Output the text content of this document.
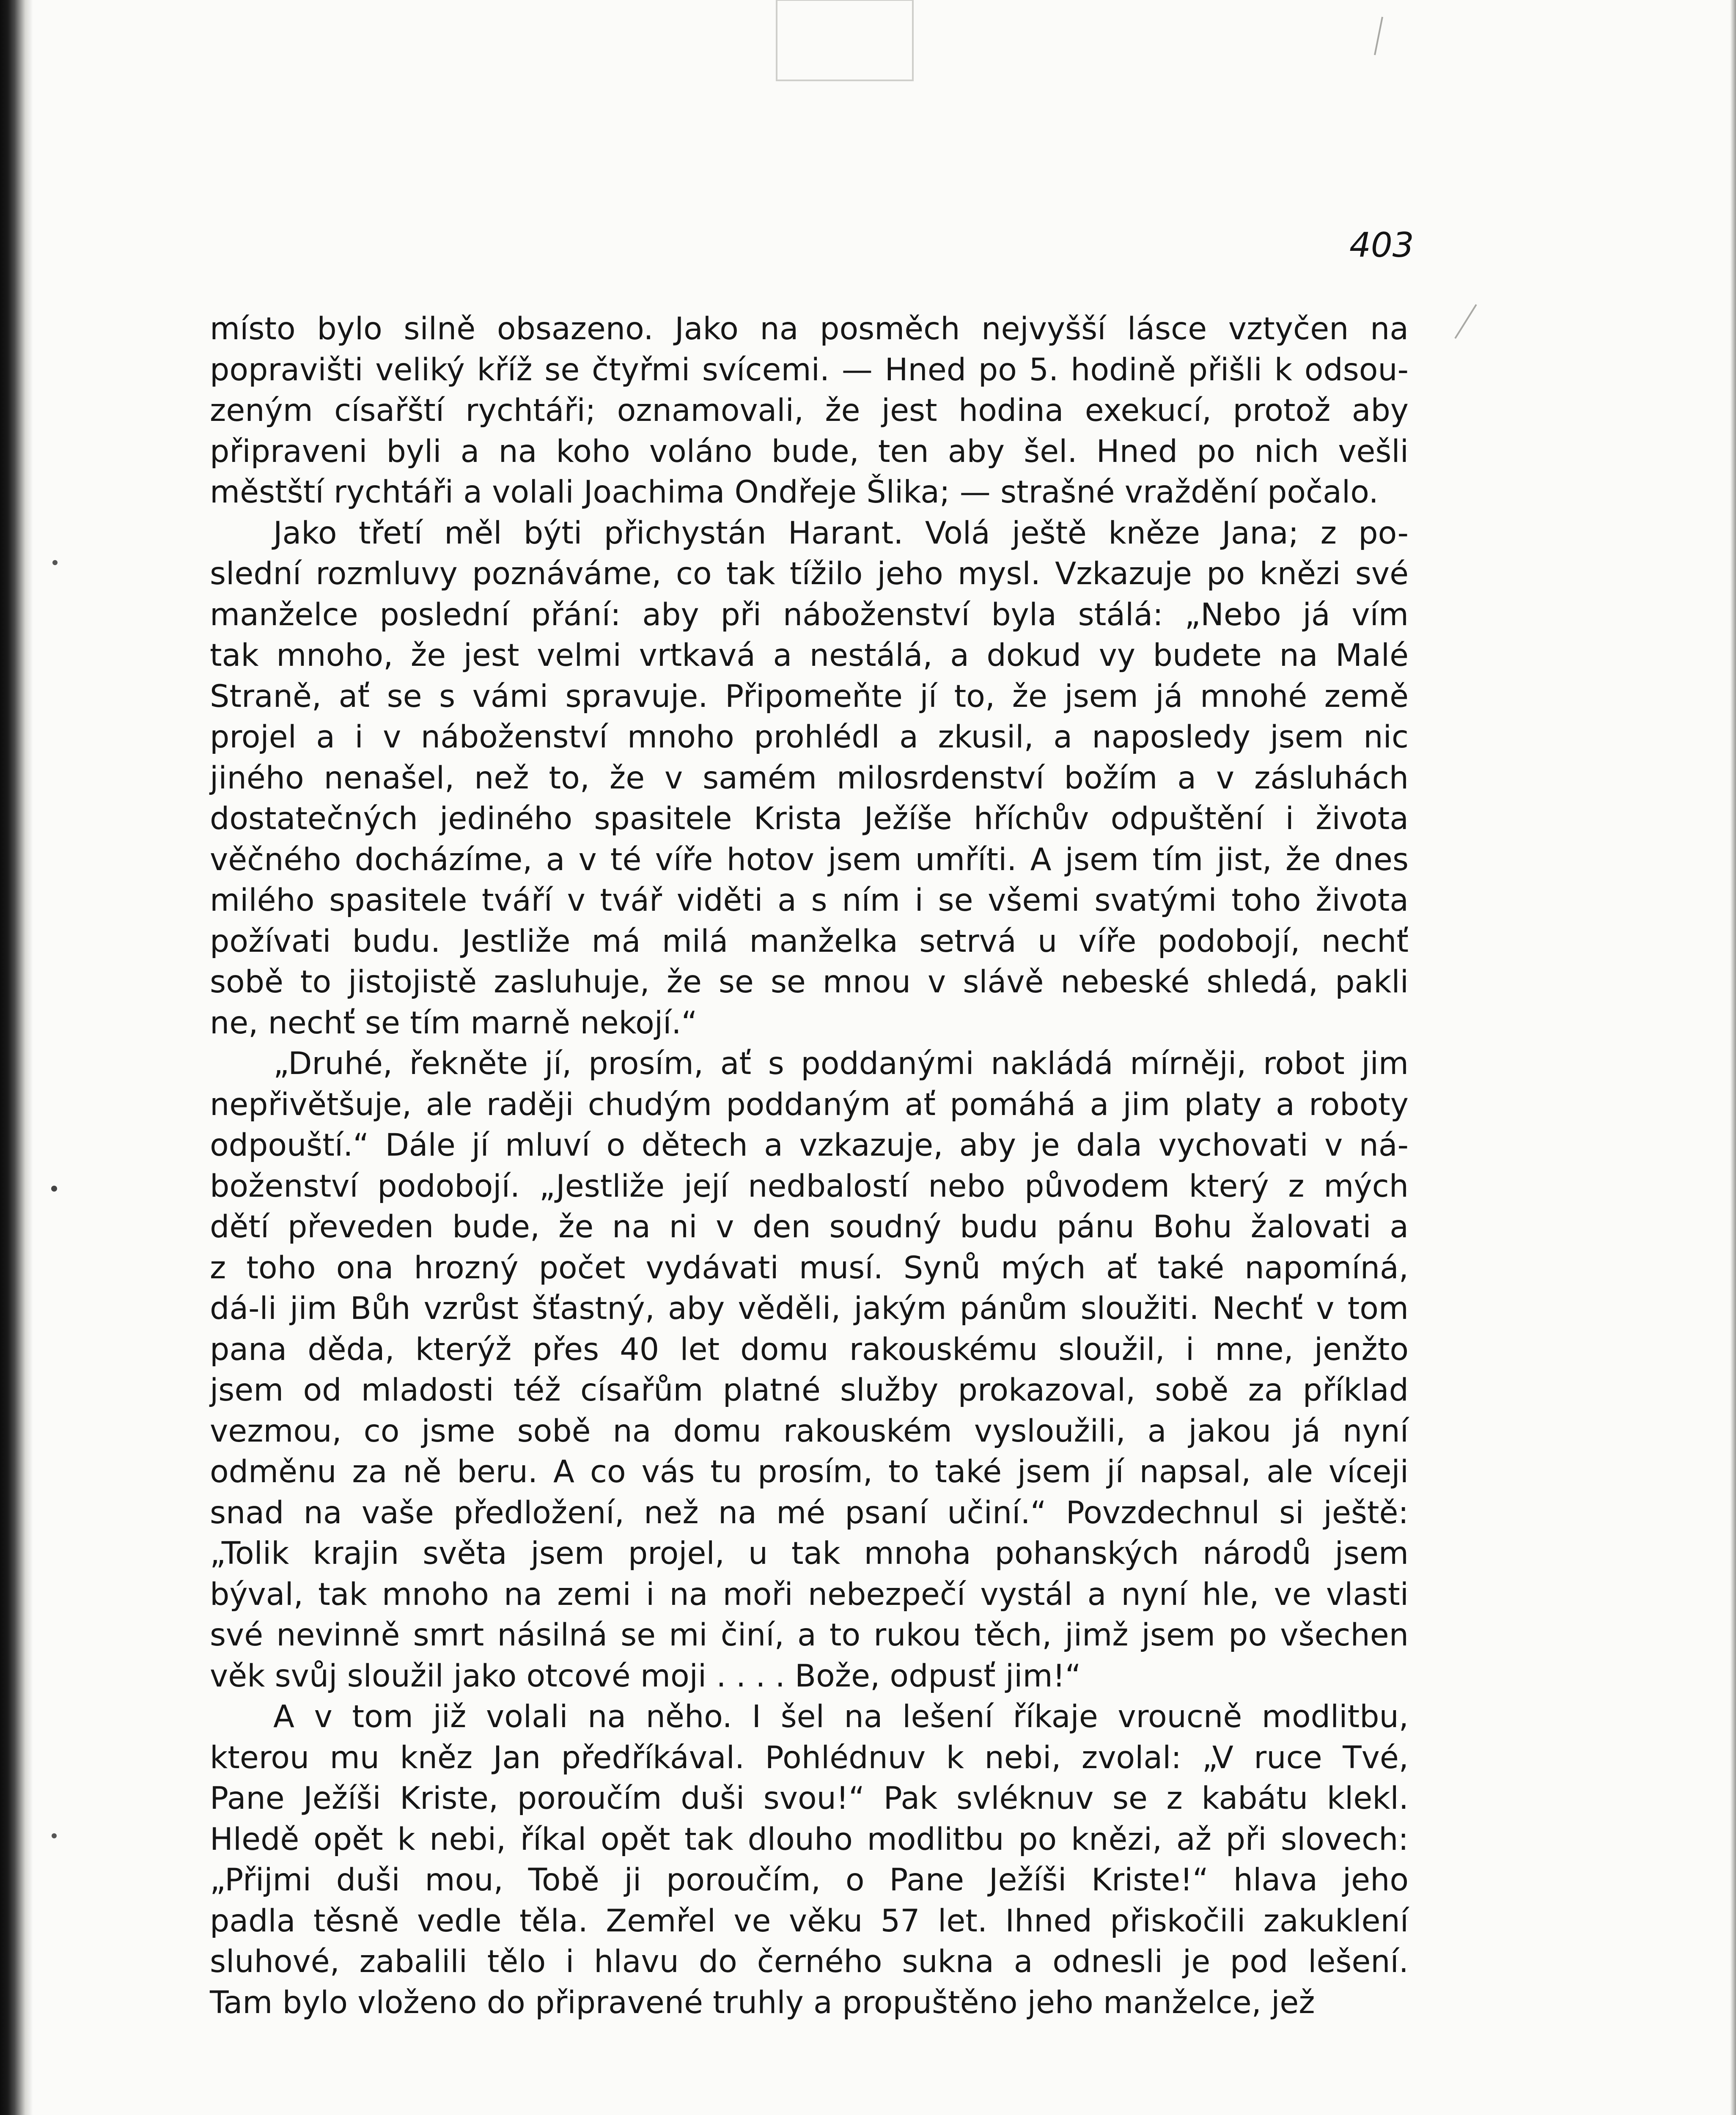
403
místo bylo silně obsazeno. Jako na posměch nejvyšší lásce vztyčen na
popravišti veliký kříž se čtyřmi svícemi. — Hned po 5. hodině přišli k odsou-
zeným císařští rychtáři; oznamovali, že jest hodina exekucí, protož aby
připraveni byli a na koho voláno bude, ten aby šel. Hned po nich vešli
městští rychtáři a volali Joachima Ondřeje Šlika; — strašné vraždění počalo.
Jako třetí měl býti přichystán Harant. Volá ještě kněze Jana; z po-
slední rozmluvy poznáváme, co tak tížilo jeho mysl. Vzkazuje po knězi své
manželce poslední přání: aby při náboženství byla stálá: „Nebo já vím
tak mnoho, že jest velmi vrtkavá a nestálá, a dokud vy budete na Malé
Straně, ať se s vámi spravuje. Připomeňte jí to, že jsem já mnohé země
projel a i v náboženství mnoho prohlédl a zkusil, a naposledy jsem nic
jiného nenašel, než to, že v samém milosrdenství božím a v zásluhách
dostatečných jediného spasitele Krista Ježíše hříchův odpuštění i života
věčného docházíme, a v té víře hotov jsem umříti. A jsem tím jist, že dnes
milého spasitele tváří v tvář viděti a s ním i se všemi svatými toho života
požívati budu. Jestliže má milá manželka setrvá u víře podobojí, nechť
sobě to jistojistě zasluhuje, že se se mnou v slávě nebeské shledá, pakli
ne, nechť se tím marně nekojí.“
„Druhé, řekněte jí, prosím, ať s poddanými nakládá mírněji, robot jim
nepřivětšuje, ale raději chudým poddaným ať pomáhá a jim platy a roboty
odpouští.“ Dále jí mluví o dětech a vzkazuje, aby je dala vychovati v ná-
boženství podobojí. „Jestliže její nedbalostí nebo původem který z mých
dětí převeden bude, že na ni v den soudný budu pánu Bohu žalovati a
z toho ona hrozný počet vydávati musí. Synů mých ať také napomíná,
dá-li jim Bůh vzrůst šťastný, aby věděli, jakým pánům sloužiti. Nechť v tom
pana děda, kterýž přes 40 let domu rakouskému sloužil, i mne, jenžto
jsem od mladosti též císařům platné služby prokazoval, sobě za příklad
vezmou, co jsme sobě na domu rakouském vysloužili, a jakou já nyní
odměnu za ně beru. A co vás tu prosím, to také jsem jí napsal, ale víceji
snad na vaše předložení, než na mé psaní učiní.“ Povzdechnul si ještě:
„Tolik krajin světa jsem projel, u tak mnoha pohanských národů jsem
býval, tak mnoho na zemi i na moři nebezpečí vystál a nyní hle, ve vlasti
své nevinně smrt násilná se mi činí, a to rukou těch, jimž jsem po všechen
věk svůj sloužil jako otcové moji . . . . Bože, odpusť jim!“
A v tom již volali na něho. I šel na lešení říkaje vroucně modlitbu,
kterou mu kněz Jan předříkával. Pohlédnuv k nebi, zvolal: „V ruce Tvé,
Pane Ježíši Kriste, poroučím duši svou!“ Pak svléknuv se z kabátu klekl.
Hledě opět k nebi, říkal opět tak dlouho modlitbu po knězi, až při slovech:
„Přijmi duši mou, Tobě ji poroučím, o Pane Ježíši Kriste!“ hlava jeho
padla těsně vedle těla. Zemřel ve věku 57 let. Ihned přiskočili zakuklení
sluhové, zabalili tělo i hlavu do černého sukna a odnesli je pod lešení.
Tam bylo vloženo do připravené truhly a propuštěno jeho manželce, jež
